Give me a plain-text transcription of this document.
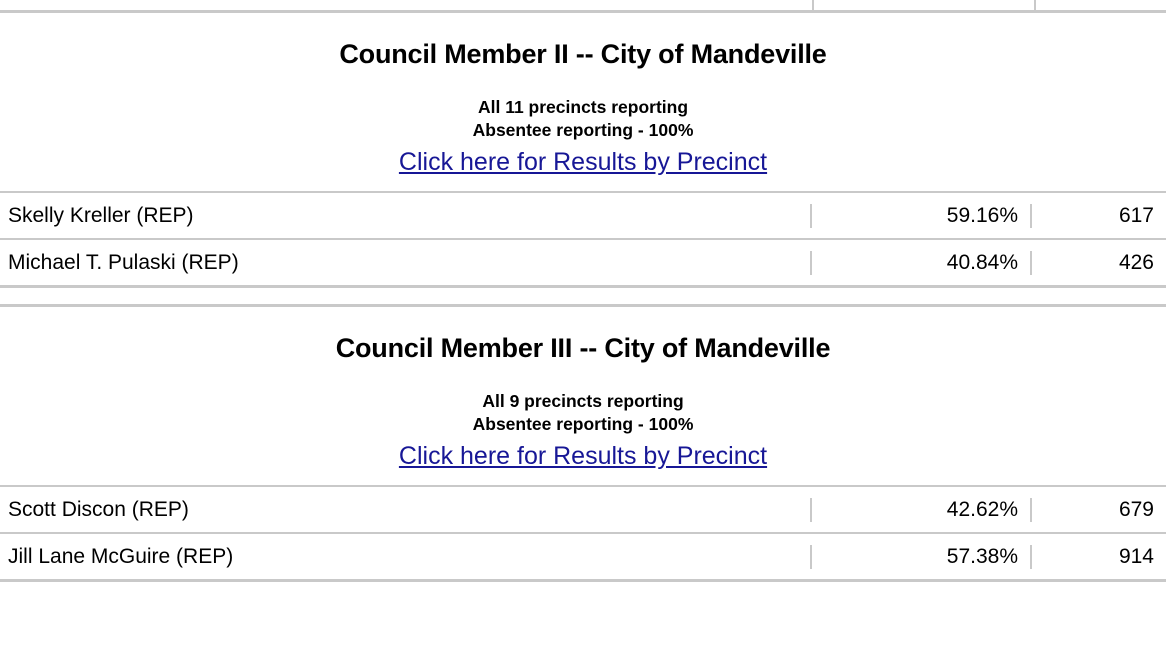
Council Member II -- City of Mandeville
All 11 precincts reporting
Absentee reporting - 100%
Click here for Results by Precinct
Skelly Kreller (REP)	59.16%	617
Michael T. Pulaski (REP)	40.84%	426
Council Member III -- City of Mandeville
All 9 precincts reporting
Absentee reporting - 100%
Click here for Results by Precinct
Scott Discon (REP)	42.62%	679
Jill Lane McGuire (REP)	57.38%	914
